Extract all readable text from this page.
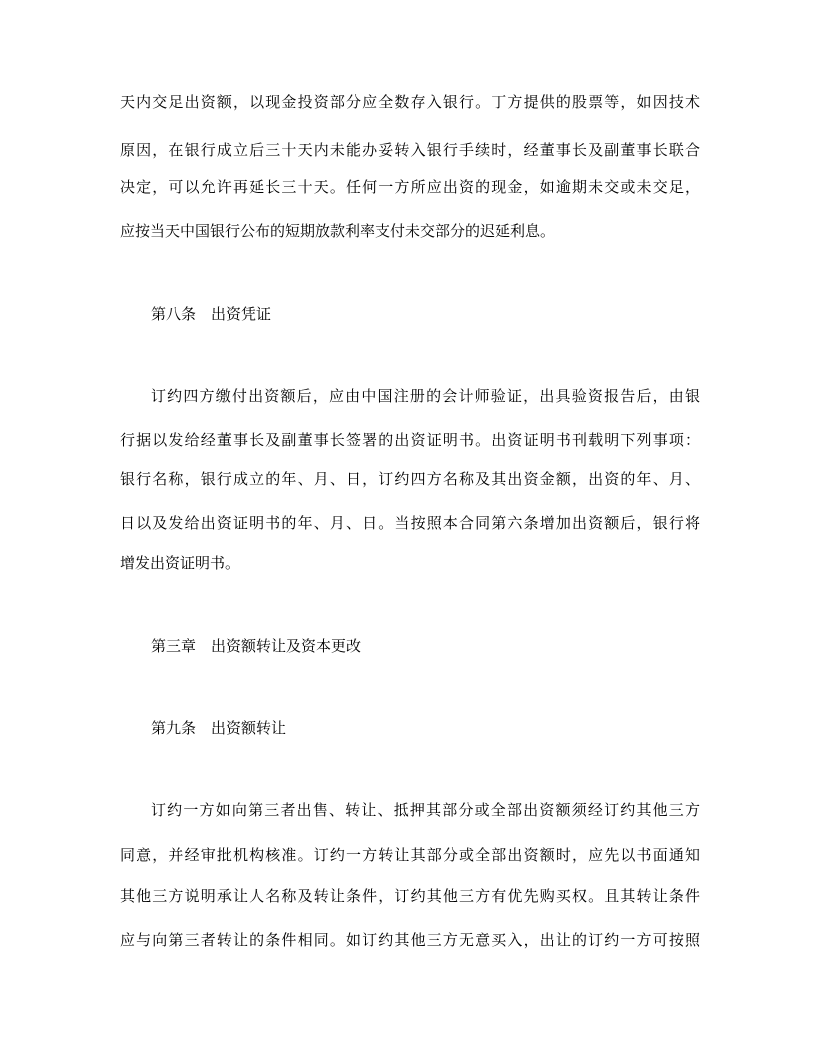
天内交足出资额，以现金投资部分应全数存入银行。丁方提供的股票等，如因技术
原因，在银行成立后三十天内未能办妥转入银行手续时，经董事长及副董事长联合
决定，可以允许再延长三十天。任何一方所应出资的现金，如逾期未交或未交足，
应按当天中国银行公布的短期放款利率支付未交部分的迟延利息。
第八条　出资凭证
订约四方缴付出资额后，应由中国注册的会计师验证，出具验资报告后，由银
行据以发给经董事长及副董事长签署的出资证明书。出资证明书刊载明下列事项：
银行名称，银行成立的年、月、日，订约四方名称及其出资金额，出资的年、月、
日以及发给出资证明书的年、月、日。当按照本合同第六条增加出资额后，银行将
增发出资证明书。
第三章　出资额转让及资本更改
第九条　出资额转让
订约一方如向第三者出售、转让、抵押其部分或全部出资额须经订约其他三方
同意，并经审批机构核准。订约一方转让其部分或全部出资额时，应先以书面通知
其他三方说明承让人名称及转让条件，订约其他三方有优先购买权。且其转让条件
应与向第三者转让的条件相同。如订约其他三方无意买入，出让的订约一方可按照
